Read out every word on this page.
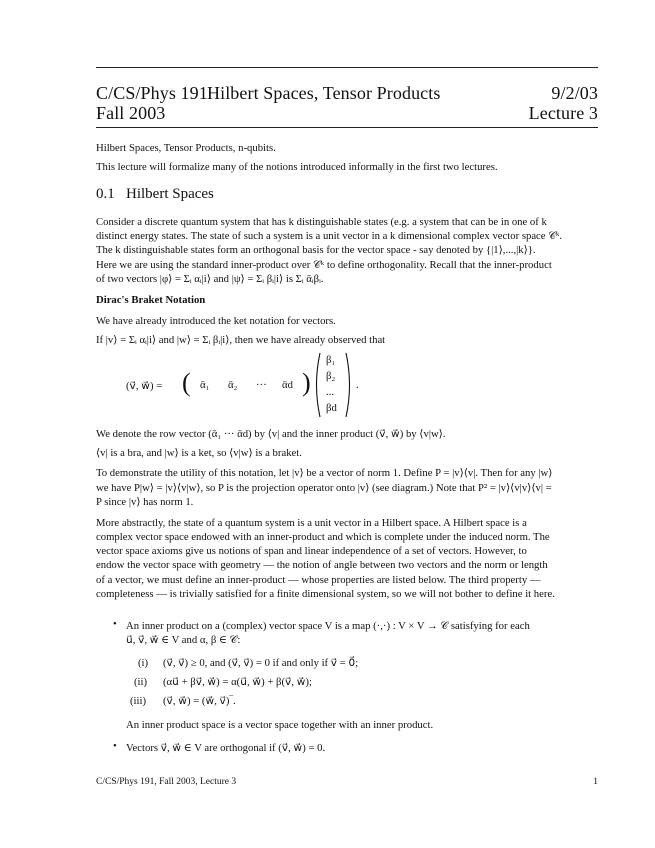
C/CS/Phys 191 Hilbert Spaces, Tensor Products	9/2/03
Fall 2003	Lecture 3
Hilbert Spaces, Tensor Products, n-qubits.
This lecture will formalize many of the notions introduced informally in the first two lectures.
0.1 Hilbert Spaces
Consider a discrete quantum system that has k distinguishable states (e.g. a system that can be in one of k
distinct energy states. The state of such a system is a unit vector in a k dimensional complex vector space 𝒞ᵏ.
The k distinguishable states form an orthogonal basis for the vector space - say denoted by {|1⟩,...,|k⟩}.
Here we are using the standard inner-product over 𝒞ᵏ to define orthogonality. Recall that the inner-product
of two vectors |φ⟩ = Σᵢ αᵢ|i⟩ and |ψ⟩ = Σᵢ βᵢ|i⟩ is Σᵢ ᾱᵢβᵢ.
Dirac's Braket Notation
We have already introduced the ket notation for vectors.
If |v⟩ = Σᵢ αᵢ|i⟩ and |w⟩ = Σᵢ βᵢ|i⟩, then we have already observed that
(v⃗, w⃗) = ( ᾱ₁ ᾱ₂ ··· ᾱd )
β₁
β₂
...
βd
.
We denote the row vector (ᾱ₁ ··· ᾱd) by ⟨v| and the inner product (v⃗, w⃗) by ⟨v|w⟩.
⟨v| is a bra, and |w⟩ is a ket, so ⟨v|w⟩ is a braket.
To demonstrate the utility of this notation, let |v⟩ be a vector of norm 1. Define P = |v⟩⟨v|. Then for any |w⟩
we have P|w⟩ = |v⟩⟨v|w⟩, so P is the projection operator onto |v⟩ (see diagram.) Note that P² = |v⟩⟨v|v⟩⟨v| =
P since |v⟩ has norm 1.
More abstractly, the state of a quantum system is a unit vector in a Hilbert space. A Hilbert space is a
complex vector space endowed with an inner-product and which is complete under the induced norm. The
vector space axioms give us notions of span and linear independence of a set of vectors. However, to
endow the vector space with geometry — the notion of angle between two vectors and the norm or length
of a vector, we must define an inner-product — whose properties are listed below. The third property —
completeness — is trivially satisfied for a finite dimensional system, so we will not bother to define it here.
• An inner product on a (complex) vector space V is a map (·,·) : V × V → 𝒞 satisfying for each
u⃗, v⃗, w⃗ ∈ V and α, β ∈ 𝒞:
(i) (v⃗, v⃗) ≥ 0, and (v⃗, v⃗) = 0 if and only if v⃗ = 0⃗;
(ii) (αu⃗ + βv⃗, w⃗) = α(u⃗, w⃗) + β(v⃗, w⃗);
(iii) (v⃗, w⃗) = (w⃗, v⃗)‾.
An inner product space is a vector space together with an inner product.
• Vectors v⃗, w⃗ ∈ V are orthogonal if (v⃗, w⃗) = 0.
C/CS/Phys 191, Fall 2003, Lecture 3	1
